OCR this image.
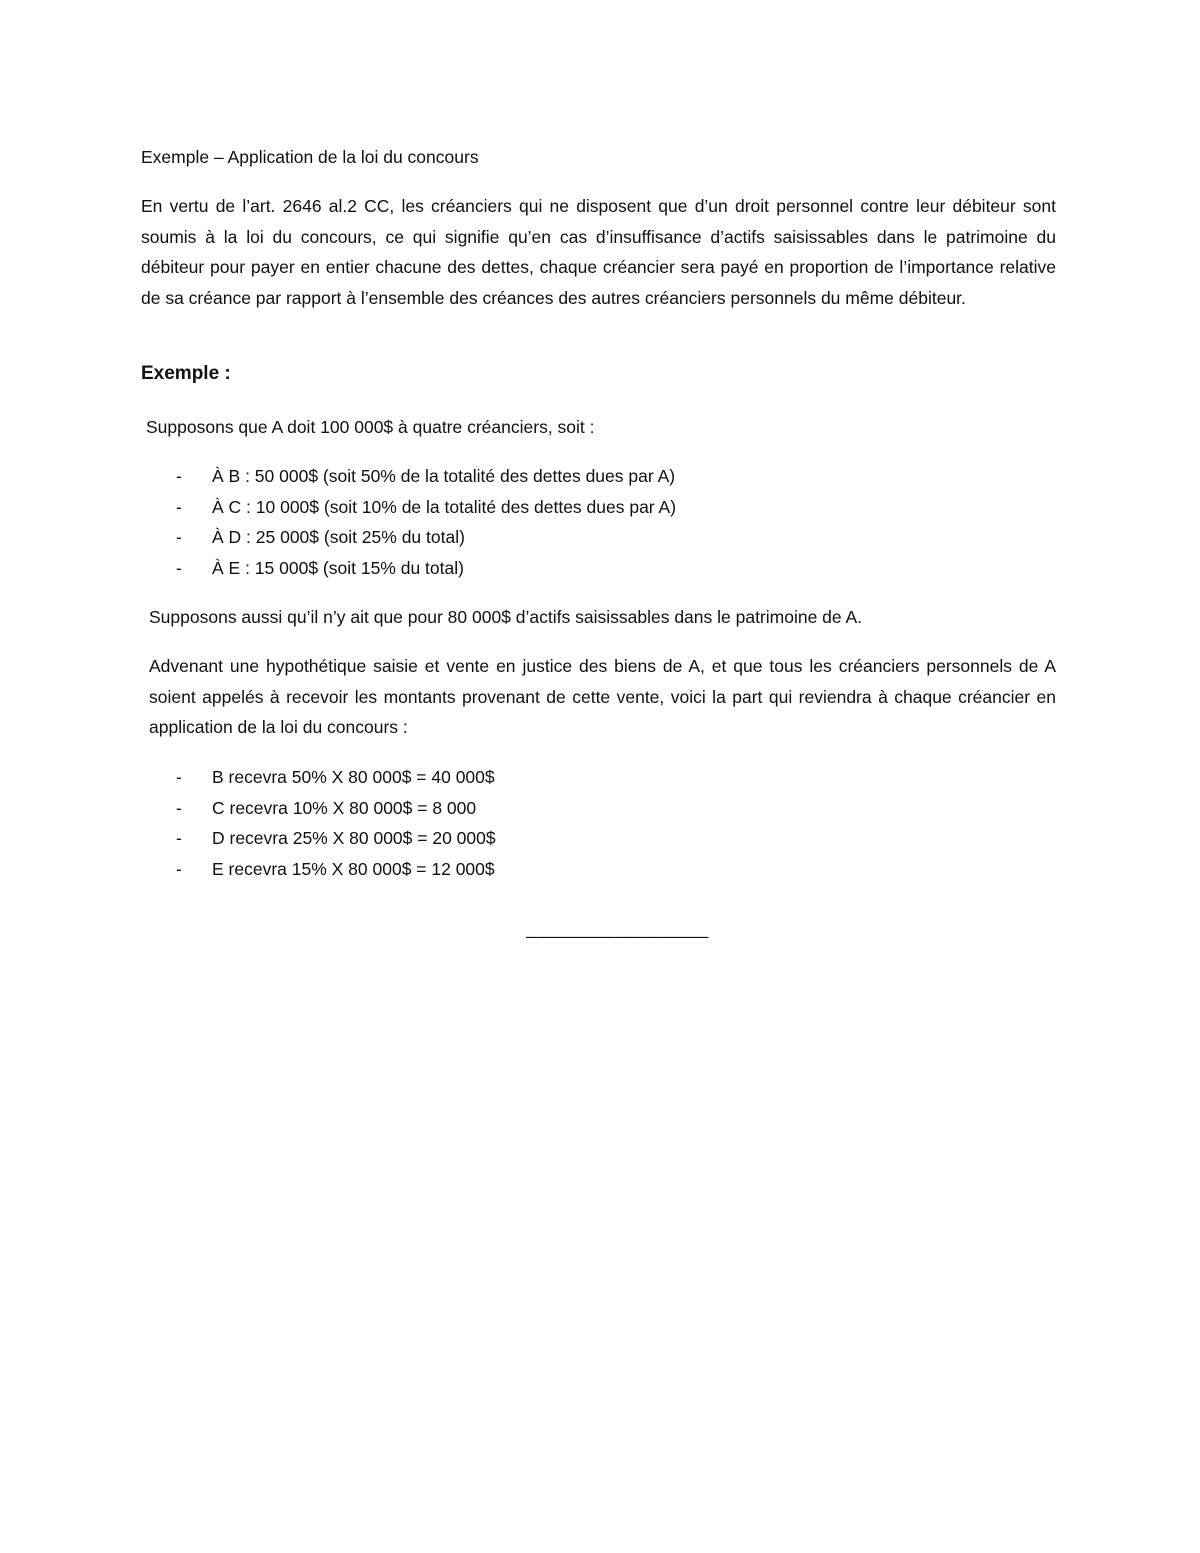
Exemple – Application de la loi du concours

En vertu de l’art. 2646 al.2 CC, les créanciers qui ne disposent que d’un droit personnel contre leur débiteur sont soumis à la loi du concours, ce qui signifie qu’en cas d’insuffisance d’actifs saisissables dans le patrimoine du débiteur pour payer en entier chacune des dettes, chaque créancier sera payé en proportion de l’importance relative de sa créance par rapport à l’ensemble des créances des autres créanciers personnels du même débiteur.

Exemple :

Supposons que A doit 100 000$ à quatre créanciers, soit :

- À B : 50 000$ (soit 50% de la totalité des dettes dues par A)
- À C : 10 000$ (soit 10% de la totalité des dettes dues par A)
- À D : 25 000$ (soit 25% du total)
- À E : 15 000$ (soit 15% du total)

Supposons aussi qu’il n’y ait que pour 80 000$ d’actifs saisissables dans le patrimoine de A.

Advenant une hypothétique saisie et vente en justice des biens de A, et que tous les créanciers personnels de A soient appelés à recevoir les montants provenant de cette vente, voici la part qui reviendra à chaque créancier en application de la loi du concours :

- B recevra 50% X 80 000$ = 40 000$
- C recevra 10% X 80 000$ = 8 000
- D recevra 25% X 80 000$ = 20 000$
- E recevra 15% X 80 000$ = 12 000$

———————————
